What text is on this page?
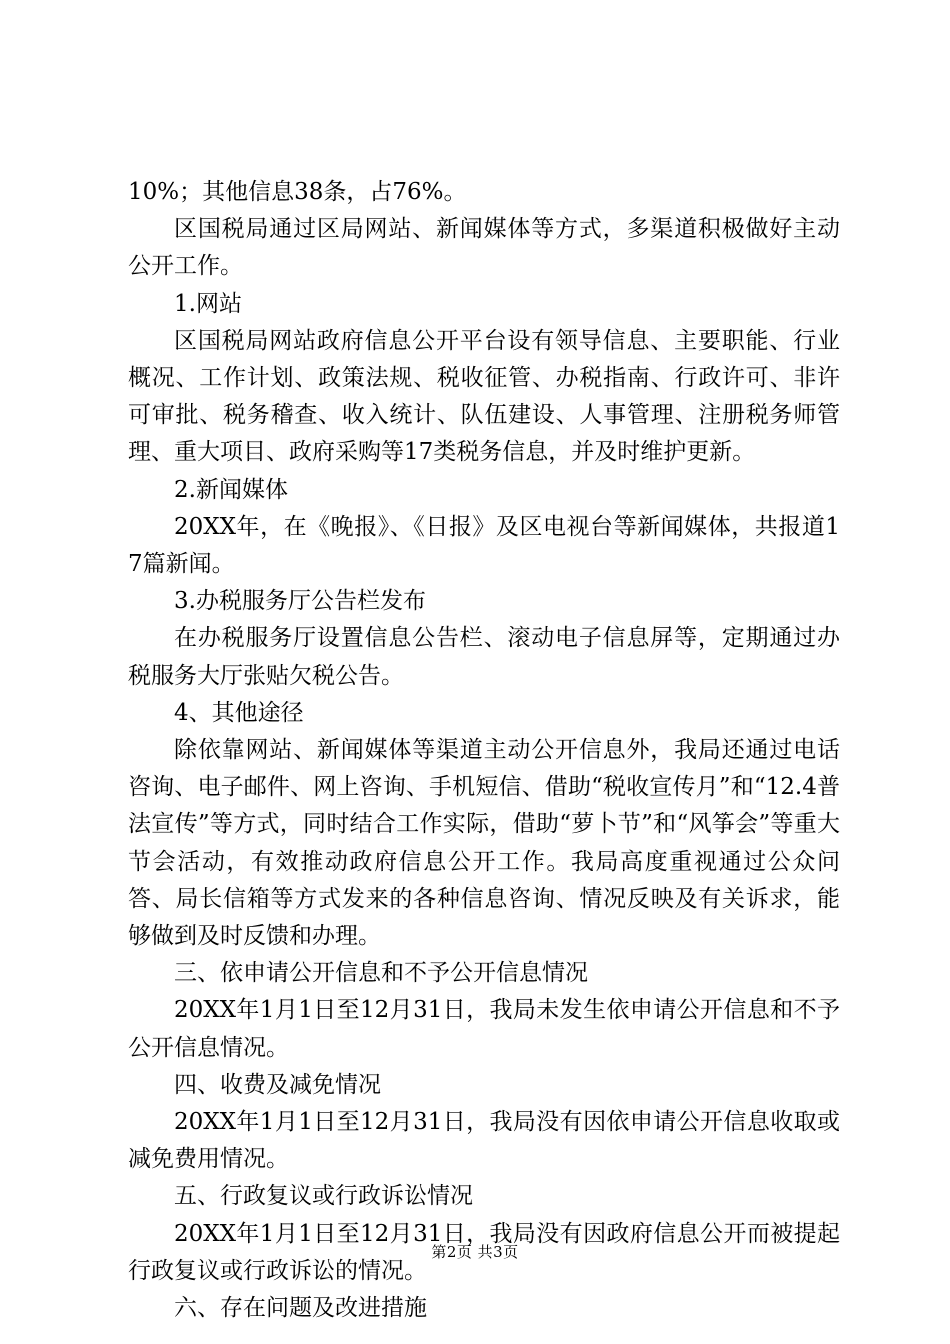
10%；其他信息38条，占76%。

区国税局通过区局网站、新闻媒体等方式，多渠道积极做好主动公开工作。

1.网站

区国税局网站政府信息公开平台设有领导信息、主要职能、行业概况、工作计划、政策法规、税收征管、办税指南、行政许可、非许可审批、税务稽查、收入统计、队伍建设、人事管理、注册税务师管理、重大项目、政府采购等17类税务信息，并及时维护更新。

2.新闻媒体

20XX年，在《晚报》、《日报》及区电视台等新闻媒体，共报道17篇新闻。

3.办税服务厅公告栏发布

在办税服务厅设置信息公告栏、滚动电子信息屏等，定期通过办税服务大厅张贴欠税公告。

4、其他途径

除依靠网站、新闻媒体等渠道主动公开信息外，我局还通过电话咨询、电子邮件、网上咨询、手机短信、借助“税收宣传月”和“12.4普法宣传”等方式，同时结合工作实际，借助“萝卜节”和“风筝会”等重大节会活动，有效推动政府信息公开工作。我局高度重视通过公众问答、局长信箱等方式发来的各种信息咨询、情况反映及有关诉求，能够做到及时反馈和办理。

三、依申请公开信息和不予公开信息情况

20XX年1月1日至12月31日，我局未发生依申请公开信息和不予公开信息情况。

四、收费及减免情况

20XX年1月1日至12月31日，我局没有因依申请公开信息收取或减免费用情况。

五、行政复议或行政诉讼情况

20XX年1月1日至12月31日，我局没有因政府信息公开而被提起行政复议或行政诉讼的情况。

六、存在问题及改进措施

第2页 共3页
